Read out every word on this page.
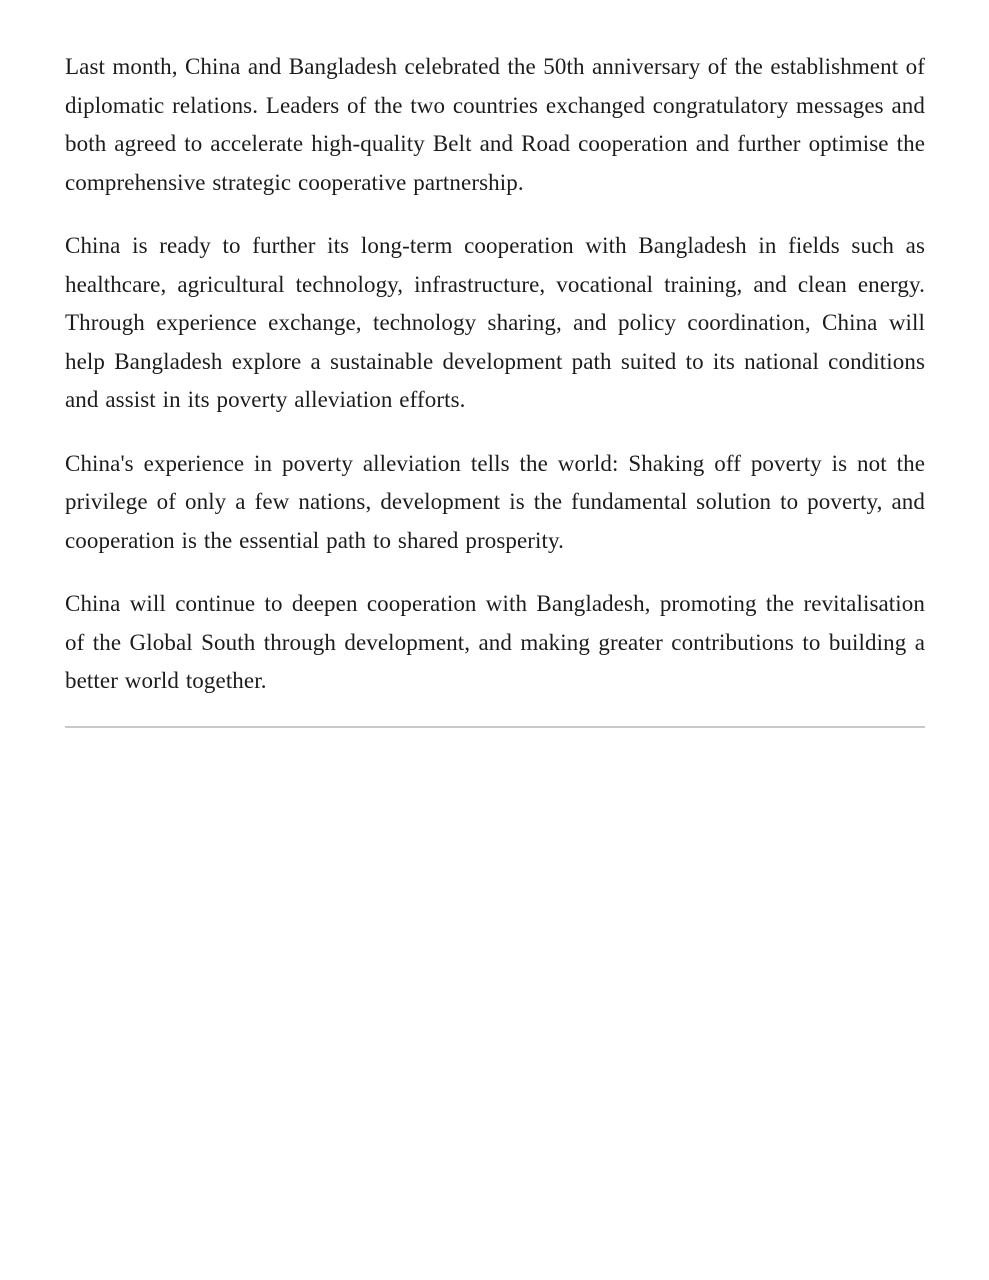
Last month, China and Bangladesh celebrated the 50th anniversary of the establishment of diplomatic relations. Leaders of the two countries exchanged congratulatory messages and both agreed to accelerate high-quality Belt and Road cooperation and further optimise the comprehensive strategic cooperative partnership.

China is ready to further its long-term cooperation with Bangladesh in fields such as healthcare, agricultural technology, infrastructure, vocational training, and clean energy. Through experience exchange, technology sharing, and policy coordination, China will help Bangladesh explore a sustainable development path suited to its national conditions and assist in its poverty alleviation efforts.

China's experience in poverty alleviation tells the world: Shaking off poverty is not the privilege of only a few nations, development is the fundamental solution to poverty, and cooperation is the essential path to shared prosperity.

China will continue to deepen cooperation with Bangladesh, promoting the revitalisation of the Global South through development, and making greater contributions to building a better world together.
